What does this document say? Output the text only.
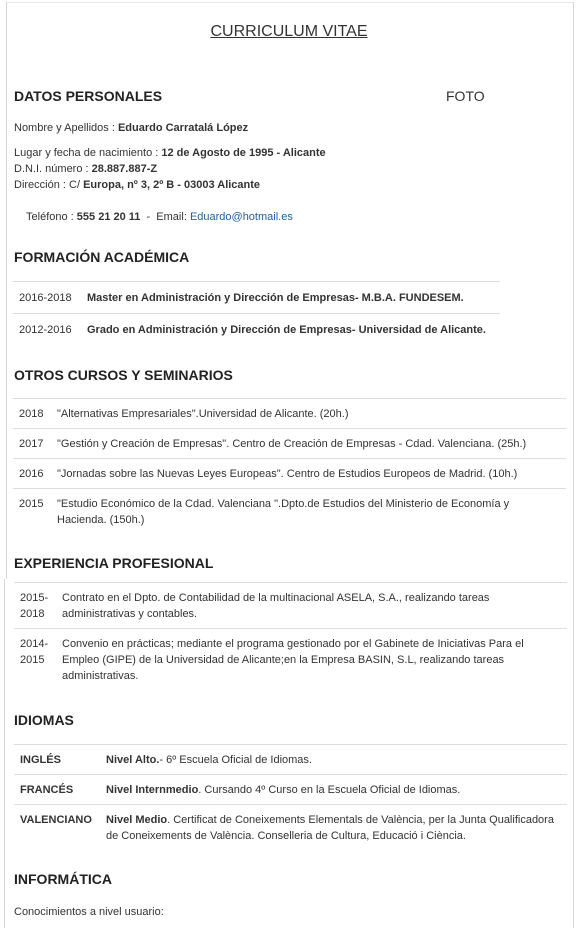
CURRICULUM VITAE
DATOS PERSONALES	FOTO
Nombre y Apellidos : Eduardo Carratalá López
Lugar y fecha de nacimiento : 12 de Agosto de 1995 - Alicante
D.N.I. número : 28.887.887-Z
Dirección : C/ Europa, nº 3, 2º B - 03003 Alicante

Teléfono : 555 21 20 11  -  Email: Eduardo@hotmail.es

FORMACIÓN ACADÉMICA
2016-2018	Master en Administración y Dirección de Empresas- M.B.A. FUNDESEM.
2012-2016	Grado en Administración y Dirección de Empresas- Universidad de Alicante.
OTROS CURSOS Y SEMINARIOS
2018	"Alternativas Empresariales".Universidad de Alicante. (20h.)
2017	"Gestión y Creación de Empresas". Centro de Creación de Empresas - Cdad. Valenciana. (25h.)
2016	"Jornadas sobre las Nuevas Leyes Europeas". Centro de Estudios Europeos de Madrid. (10h.)
2015	"Estudio Económico de la Cdad. Valenciana ".Dpto.de Estudios del Ministerio de Economía y Hacienda. (150h.)
EXPERIENCIA PROFESIONAL
2015-
2018	Contrato en el Dpto. de Contabilidad de la multinacional ASELA, S.A., realizando tareas administrativas y contables.
2014-
2015	Convenio en prácticas; mediante el programa gestionado por el Gabinete de Iniciativas Para el Empleo (GIPE) de la Universidad de Alicante;en la Empresa BASIN, S.L, realizando tareas administrativas.
IDIOMAS
INGLÉS	Nivel Alto.- 6º Escuela Oficial de Idiomas.
FRANCÉS	Nivel Internmedio. Cursando 4º Curso en la Escuela Oficial de Idiomas.
VALENCIANO	Nivel Medio. Certificat de Coneixements Elementals de València, per la Junta Qualificadora de Coneixements de València. Conselleria de Cultura, Educació i Ciència.
INFORMÁTICA
Conocimientos a nivel usuario:
